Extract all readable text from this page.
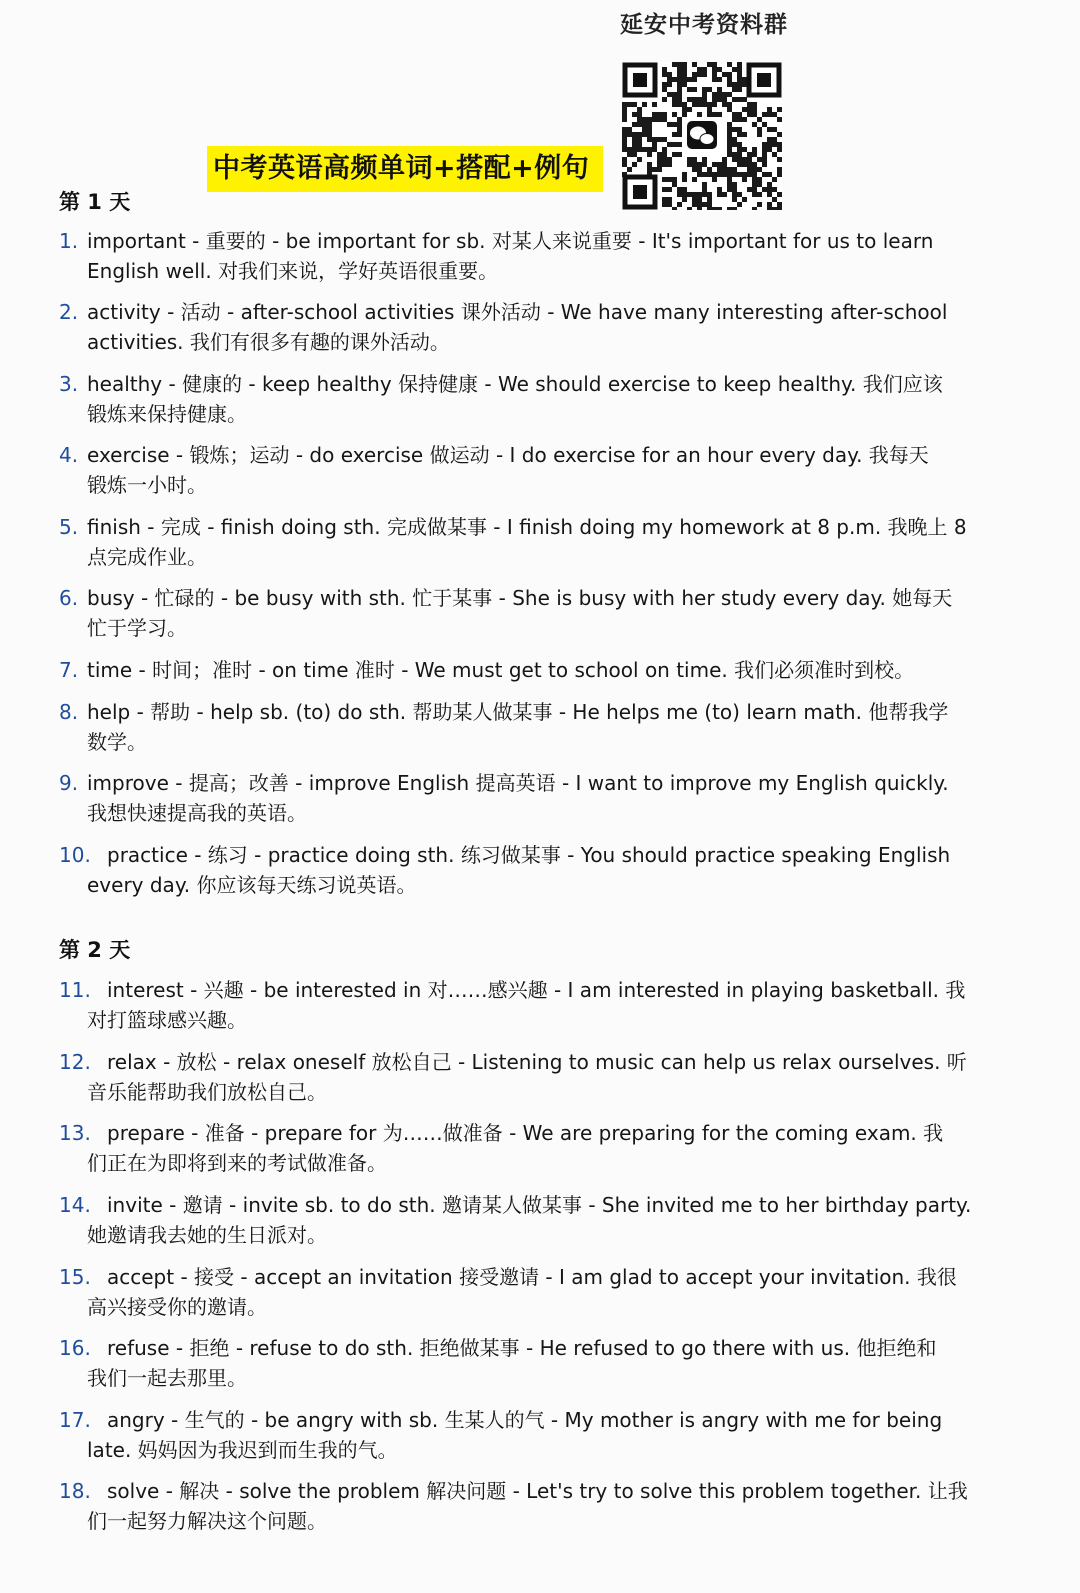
延安中考资料群
中考英语高频单词+搭配+例句
第 1 天
1. important - 重要的 - be important for sb. 对某人来说重要 - It's important for us to learn
English well. 对我们来说，学好英语很重要。
2. activity - 活动 - after-school activities 课外活动 - We have many interesting after-school
activities. 我们有很多有趣的课外活动。
3. healthy - 健康的 - keep healthy 保持健康 - We should exercise to keep healthy. 我们应该
锻炼来保持健康。
4. exercise - 锻炼；运动 - do exercise 做运动 - I do exercise for an hour every day. 我每天
锻炼一小时。
5. finish - 完成 - finish doing sth. 完成做某事 - I finish doing my homework at 8 p.m. 我晚上 8
点完成作业。
6. busy - 忙碌的 - be busy with sth. 忙于某事 - She is busy with her study every day. 她每天
忙于学习。
7. time - 时间；准时 - on time 准时 - We must get to school on time. 我们必须准时到校。
8. help - 帮助 - help sb. (to) do sth. 帮助某人做某事 - He helps me (to) learn math. 他帮我学
数学。
9. improve - 提高；改善 - improve English 提高英语 - I want to improve my English quickly.
我想快速提高我的英语。
10. practice - 练习 - practice doing sth. 练习做某事 - You should practice speaking English
every day. 你应该每天练习说英语。
第 2 天
11. interest - 兴趣 - be interested in 对……感兴趣 - I am interested in playing basketball. 我
对打篮球感兴趣。
12. relax - 放松 - relax oneself 放松自己 - Listening to music can help us relax ourselves. 听
音乐能帮助我们放松自己。
13. prepare - 准备 - prepare for 为……做准备 - We are preparing for the coming exam. 我
们正在为即将到来的考试做准备。
14. invite - 邀请 - invite sb. to do sth. 邀请某人做某事 - She invited me to her birthday party.
她邀请我去她的生日派对。
15. accept - 接受 - accept an invitation 接受邀请 - I am glad to accept your invitation. 我很
高兴接受你的邀请。
16. refuse - 拒绝 - refuse to do sth. 拒绝做某事 - He refused to go there with us. 他拒绝和
我们一起去那里。
17. angry - 生气的 - be angry with sb. 生某人的气 - My mother is angry with me for being
late. 妈妈因为我迟到而生我的气。
18. solve - 解决 - solve the problem 解决问题 - Let's try to solve this problem together. 让我
们一起努力解决这个问题。
